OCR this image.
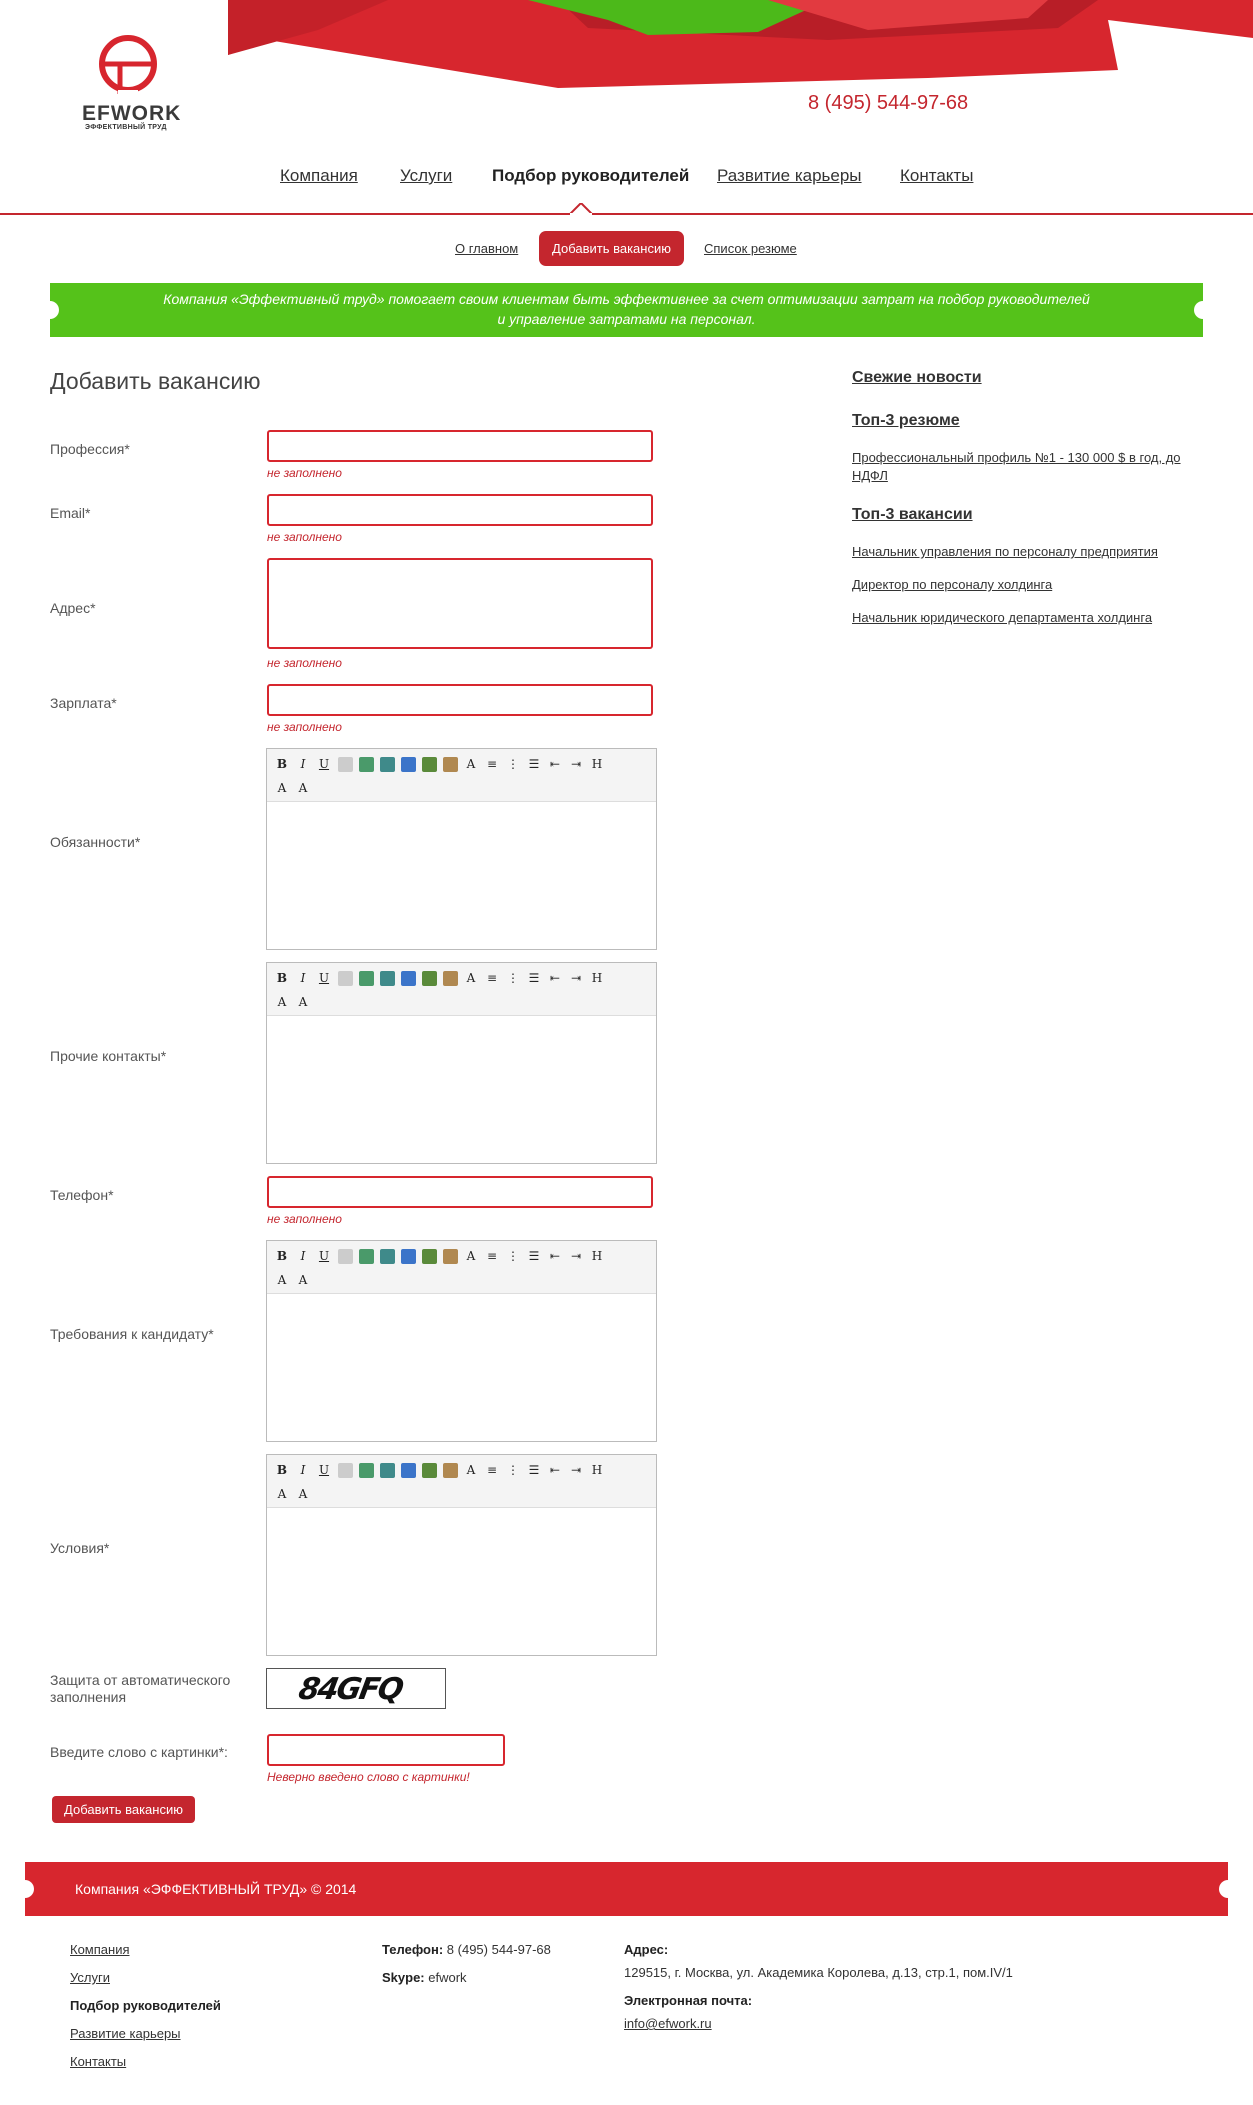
EFWORK
ЭФФЕКТИВНЫЙ ТРУД
8 (495) 544-97-68
Компания Услуги Подбор руководителей Развитие карьеры Контакты
О главном	Добавить вакансию	Список резюме
Компания «Эффективный труд» помогает своим клиентам быть эффективнее за счет оптимизации затрат на подбор руководителей
и управление затратами на персонал.
Добавить вакансию
Профессия*
не заполнено
Email*
не заполнено
Адрес*
не заполнено
Зарплата*
не заполнено
Обязанности*
B	I	U	A ≡ ⋮ ☰ ⇤ ⇥ H
A	A
Прочие контакты*
B	I	U	A ≡ ⋮ ☰ ⇤ ⇥ H
A	A
Телефон*
не заполнено
Требования к кандидату*
B	I	U	A ≡ ⋮ ☰ ⇤ ⇥ H
A	A
Условия*
B	I	U	A ≡ ⋮ ☰ ⇤ ⇥ H
A	A
Защита от автоматического заполнения	84GFQ
Введите слово с картинки*:
Неверно введено слово с картинки!
Добавить вакансию
Свежие новости
Топ-3 резюме
Профессиональный профиль №1 - 130 000 $ в год, до НДФЛ
Топ-3 вакансии
Начальник управления по персоналу предприятия
Директор по персоналу холдинга
Начальник юридического департамента холдинга
Компания «ЭФФЕКТИВНЫЙ ТРУД» © 2014
Компания
Услуги
Подбор руководителей
Развитие карьеры
Контакты
Телефон: 8 (495) 544-97-68
Skype: efwork
Адрес:
129515, г. Москва, ул. Академика Королева, д.13, стр.1, пом.IV/1
Электронная почта:
info@efwork.ru
